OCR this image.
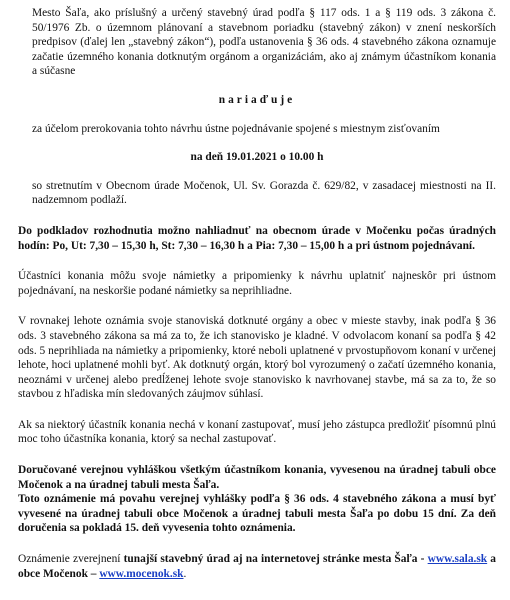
Mesto Šaľa, ako príslušný a určený stavebný úrad podľa § 117 ods. 1 a § 119 ods. 3 zákona č. 50/1976 Zb. o územnom plánovaní a stavebnom poriadku (stavebný zákon) v znení neskorších predpisov (ďalej len „stavebný zákon“), podľa ustanovenia § 36 ods. 4 stavebného zákona oznamuje začatie územného konania dotknutým orgánom a organizáciám, ako aj známym účastníkom konania a súčasne

nariaďuje

za účelom prerokovania tohto návrhu ústne pojednávanie spojené s miestnym zisťovaním

na deň 19.01.2021 o 10.00 h

so stretnutím v Obecnom úrade Močenok, Ul. Sv. Gorazda č. 629/82, v zasadacej miestnosti na II. nadzemnom podlaží.

Do podkladov rozhodnutia možno nahliadnuť na obecnom úrade v Močenku počas úradných hodín: Po, Ut: 7,30 – 15,30 h, St: 7,30 – 16,30 h a Pia: 7,30 – 15,00 h a pri ústnom pojednávaní.

Účastníci konania môžu svoje námietky a pripomienky k návrhu uplatniť najneskôr pri ústnom pojednávaní, na neskoršie podané námietky sa neprihliadne.

V rovnakej lehote oznámia svoje stanoviská dotknuté orgány a obec v mieste stavby, inak podľa § 36 ods. 3 stavebného zákona sa má za to, že ich stanovisko je kladné. V odvolacom konaní sa podľa § 42 ods. 5 neprihliada na námietky a pripomienky, ktoré neboli uplatnené v prvostupňovom konaní v určenej lehote, hoci uplatnené mohli byť. Ak dotknutý orgán, ktorý bol vyrozumený o začatí územného konania, neoznámi v určenej alebo predĺženej lehote svoje stanovisko k navrhovanej stavbe, má sa za to, že so stavbou z hľadiska mín sledovaných záujmov súhlasí.

Ak sa niektorý účastník konania nechá v konaní zastupovať, musí jeho zástupca predložiť písomnú plnú moc toho účastníka konania, ktorý sa nechal zastupovať.

Doručované verejnou vyhláškou všetkým účastníkom konania, vyvesenou na úradnej tabuli obce Močenok a na úradnej tabuli mesta Šaľa.

Toto oznámenie má povahu verejnej vyhlášky podľa § 36 ods. 4 stavebného zákona a musí byť vyvesené na úradnej tabuli obce Močenok a úradnej tabuli mesta Šaľa po dobu 15 dní. Za deň doručenia sa pokladá 15. deň vyvesenia tohto oznámenia.

Oznámenie zverejnení tunajší stavebný úrad aj na internetovej stránke mesta Šaľa - www.sala.sk a obce Močenok – www.mocenok.sk.
